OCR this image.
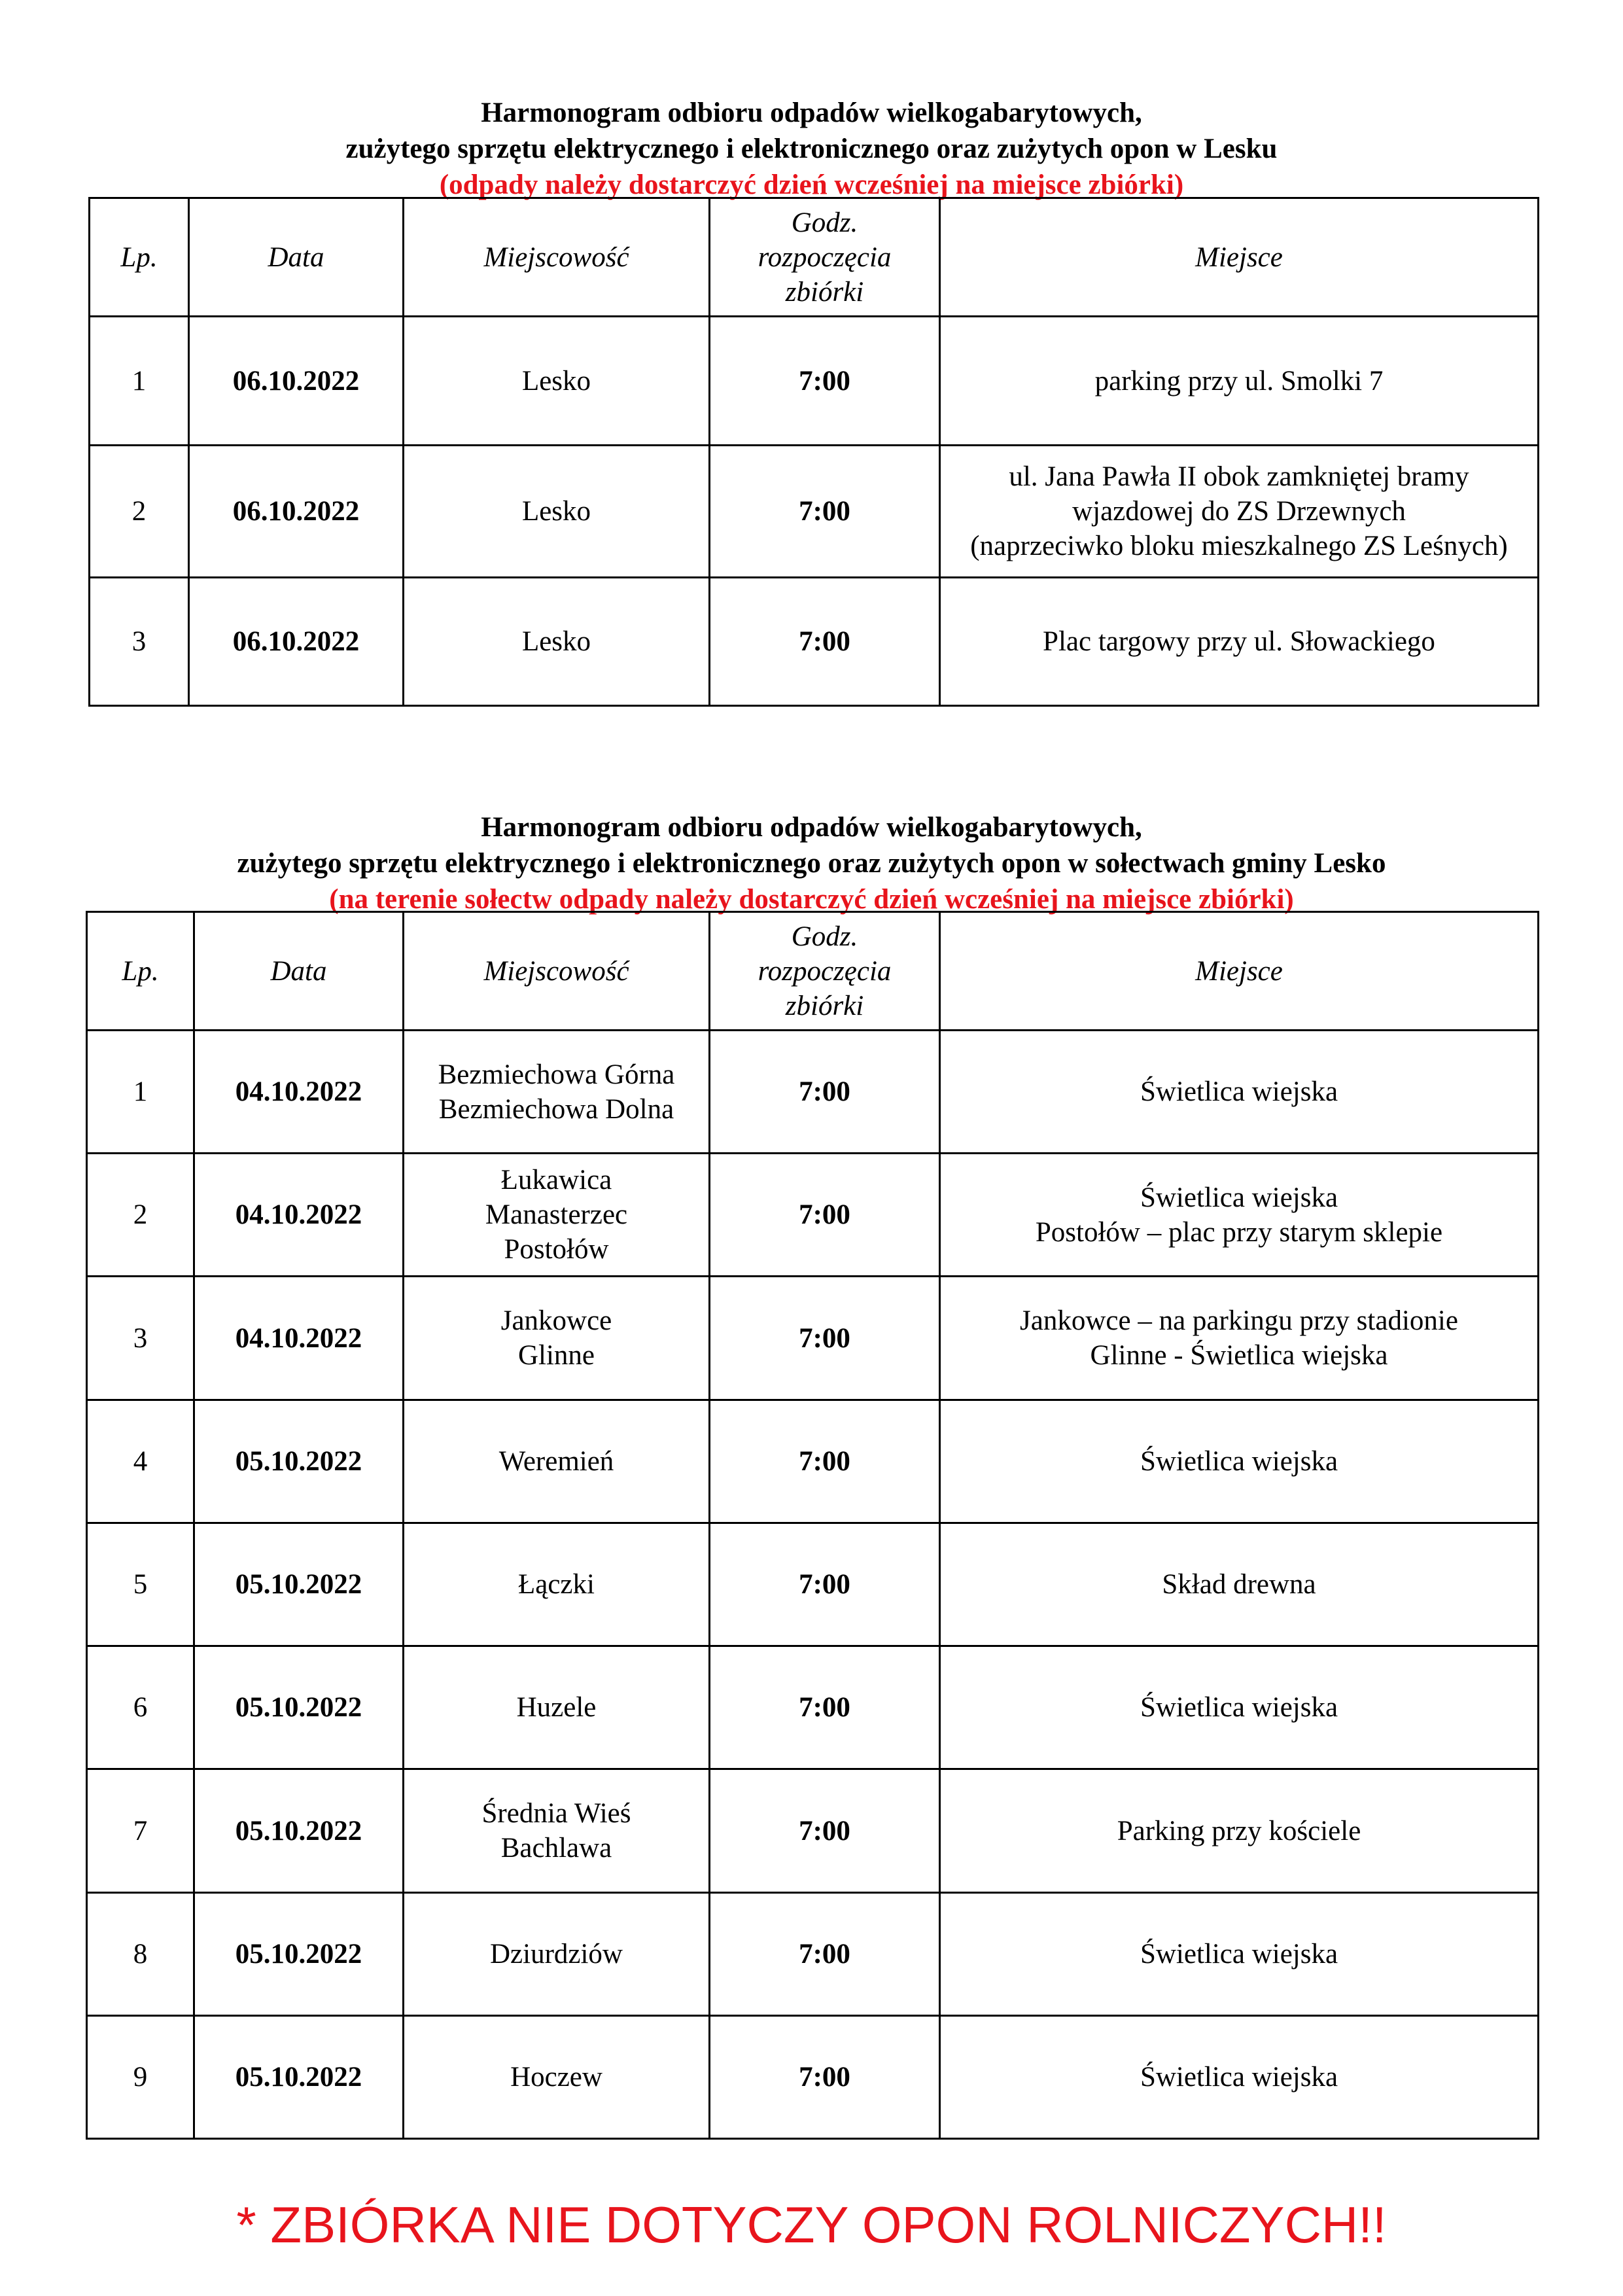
Harmonogram odbioru odpadów wielkogabarytowych,
zużytego sprzętu elektrycznego i elektronicznego oraz zużytych opon w Lesku
(odpady należy dostarczyć dzień wcześniej na miejsce zbiórki)
Lp.	Data	Miejscowość	Godz.
rozpoczęcia
zbiórki	Miejsce
1	06.10.2022	Lesko	7:00	parking przy ul. Smolki 7

2	06.10.2022	Lesko	7:00	ul. Jana Pawła II obok zamkniętej bramy
wjazdowej do ZS Drzewnych
(naprzeciwko bloku mieszkalnego ZS Leśnych)

3	06.10.2022	Lesko	7:00	Plac targowy przy ul. Słowackiego
Harmonogram odbioru odpadów wielkogabarytowych,
zużytego sprzętu elektrycznego i elektronicznego oraz zużytych opon w sołectwach gminy Lesko
(na terenie sołectw odpady należy dostarczyć dzień wcześniej na miejsce zbiórki)
Lp.	Data	Miejscowość	Godz.
rozpoczęcia
zbiórki	Miejsce
1	04.10.2022	Bezmiechowa Górna
Bezmiechowa Dolna	7:00	Świetlica wiejska

2	04.10.2022	Łukawica
Manasterzec
Postołów	7:00	Świetlica wiejska
Postołów – plac przy starym sklepie

3	04.10.2022	Jankowce
Glinne	7:00	Jankowce – na parkingu przy stadionie
Glinne - Świetlica wiejska

4	05.10.2022	Weremień	7:00	Świetlica wiejska

5	05.10.2022	Łączki	7:00	Skład drewna

6	05.10.2022	Huzele	7:00	Świetlica wiejska

7	05.10.2022	Średnia Wieś
Bachlawa	7:00	Parking przy kościele

8	05.10.2022	Dziurdziów	7:00	Świetlica wiejska

9	05.10.2022	Hoczew	7:00	Świetlica wiejska
* ZBIÓRKA NIE DOTYCZY OPON ROLNICZYCH!!
